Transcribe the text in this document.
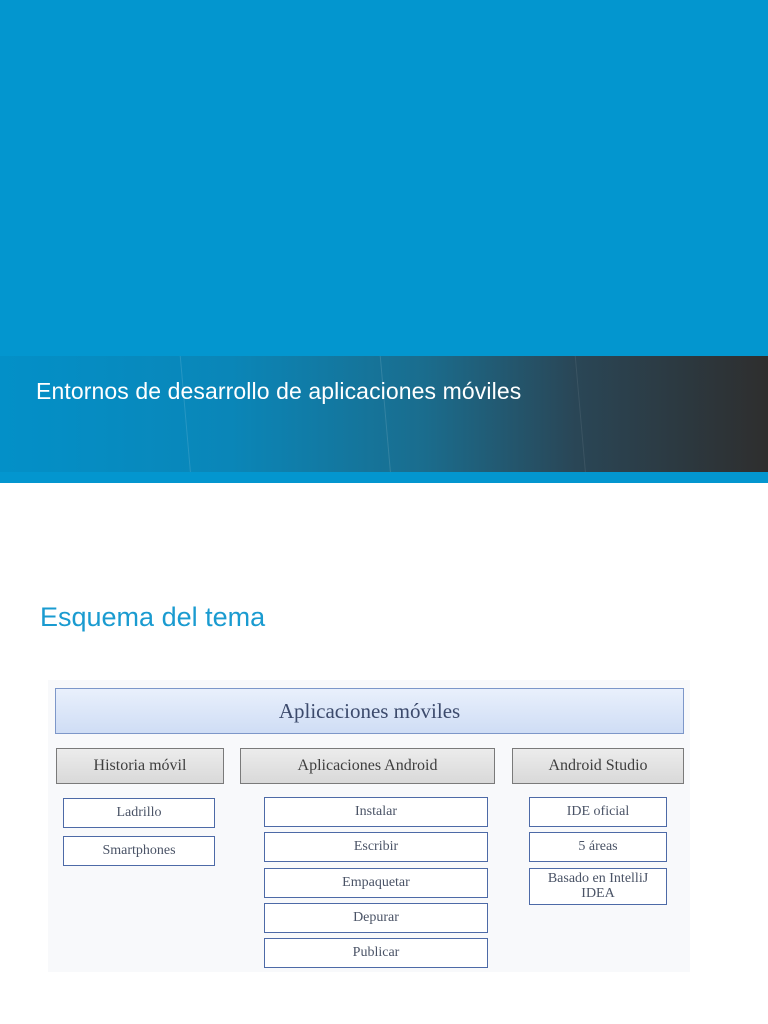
Entornos de desarrollo de aplicaciones móviles
Esquema del tema
Aplicaciones móviles
Historia móvil
Ladrillo
Smartphones
Aplicaciones Android
Instalar
Escribir
Empaquetar
Depurar
Publicar
Android Studio
IDE oficial
5 áreas
Basado en IntelliJ IDEA
